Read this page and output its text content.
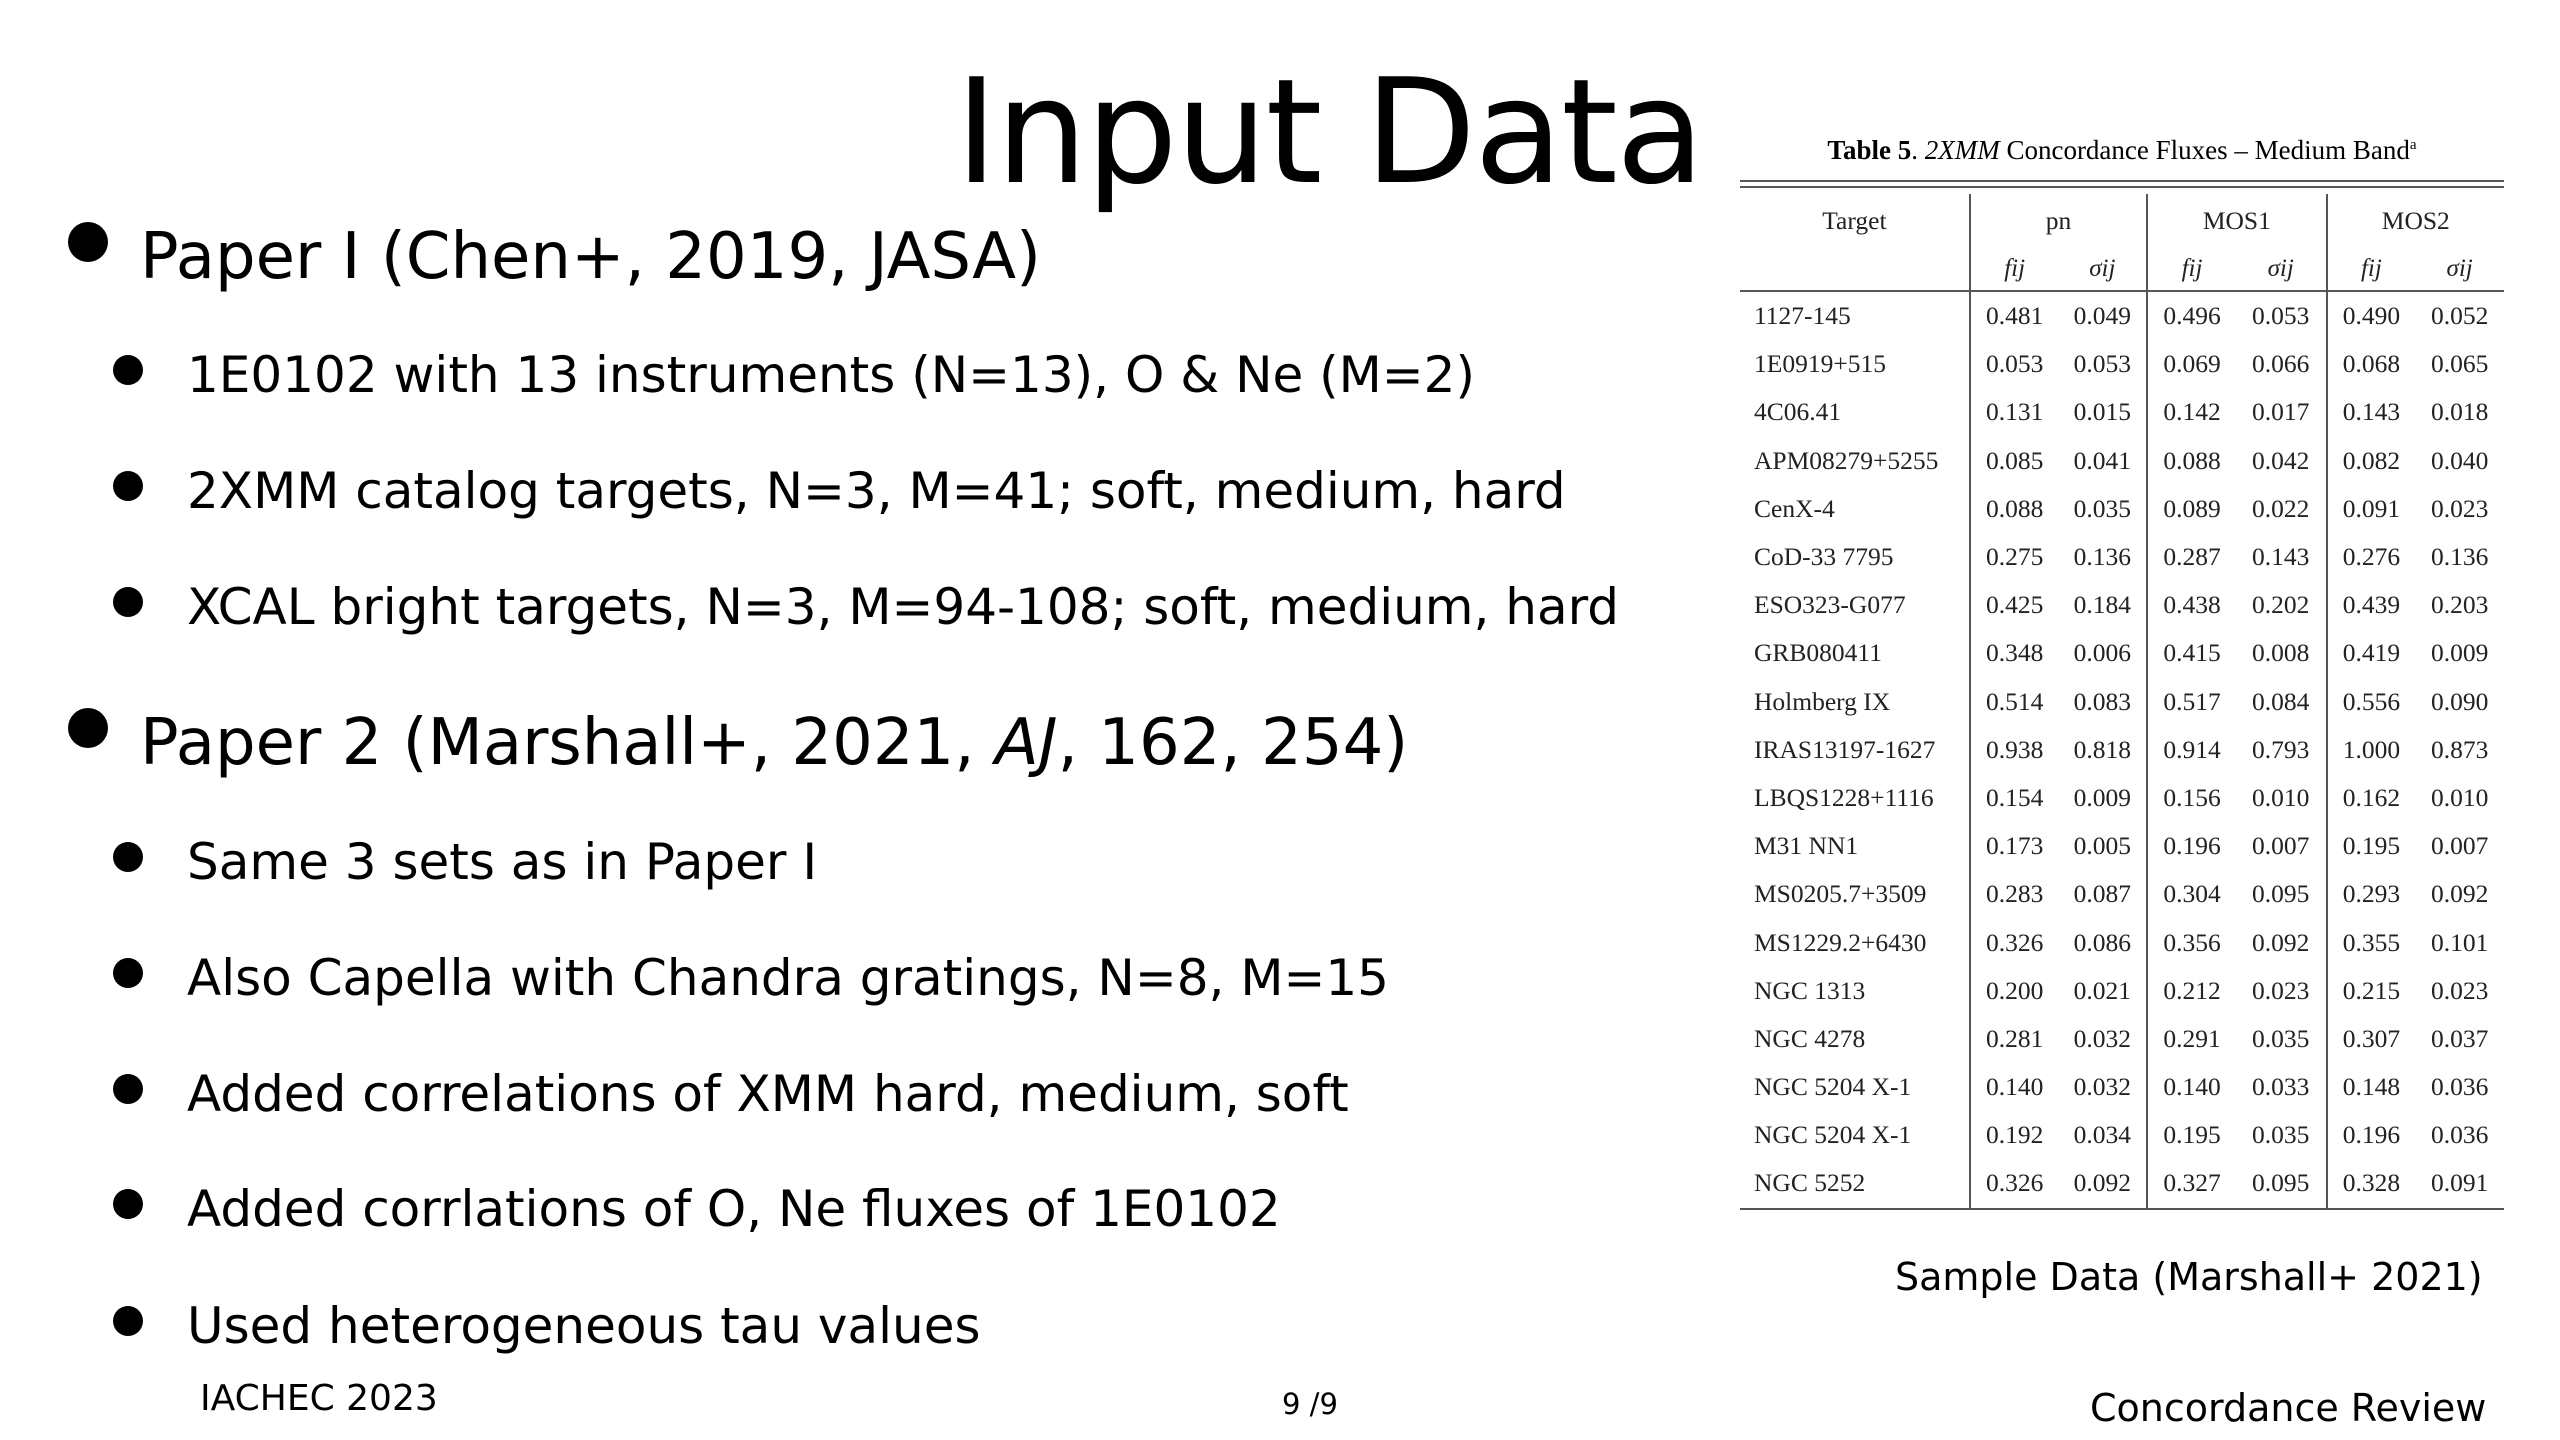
Input Data
Paper I (Chen+, 2019, JASA)
1E0102 with 13 instruments (N=13), O & Ne (M=2)
2XMM catalog targets, N=3, M=41; soft, medium, hard
XCAL bright targets, N=3, M=94-108; soft, medium, hard
Paper 2 (Marshall+, 2021, AJ, 162, 254)
Same 3 sets as in Paper I
Also Capella with Chandra gratings, N=8, M=15
Added correlations of XMM hard, medium, soft
Added corrlations of O, Ne fluxes of 1E0102
Used heterogeneous tau values
Table 5. 2XMM Concordance Fluxes – Medium Band$^a$
Target	pn		MOS1		MOS2	
	fij	σij	fij	σij	fij	σij
1127-145	0.481	0.049	0.496	0.053	0.490	0.052
1E0919+515	0.053	0.053	0.069	0.066	0.068	0.065
4C06.41	0.131	0.015	0.142	0.017	0.143	0.018
APM08279+5255	0.085	0.041	0.088	0.042	0.082	0.040
CenX-4	0.088	0.035	0.089	0.022	0.091	0.023
CoD-33 7795	0.275	0.136	0.287	0.143	0.276	0.136
ESO323-G077	0.425	0.184	0.438	0.202	0.439	0.203
GRB080411	0.348	0.006	0.415	0.008	0.419	0.009
Holmberg IX	0.514	0.083	0.517	0.084	0.556	0.090
IRAS13197-1627	0.938	0.818	0.914	0.793	1.000	0.873
LBQS1228+1116	0.154	0.009	0.156	0.010	0.162	0.010
M31 NN1	0.173	0.005	0.196	0.007	0.195	0.007
MS0205.7+3509	0.283	0.087	0.304	0.095	0.293	0.092
MS1229.2+6430	0.326	0.086	0.356	0.092	0.355	0.101
NGC 1313	0.200	0.021	0.212	0.023	0.215	0.023
NGC 4278	0.281	0.032	0.291	0.035	0.307	0.037
NGC 5204 X-1	0.140	0.032	0.140	0.033	0.148	0.036
NGC 5204 X-1	0.192	0.034	0.195	0.035	0.196	0.036
NGC 5252	0.326	0.092	0.327	0.095	0.328	0.091
Sample Data (Marshall+ 2021)
IACHEC 2023	9 /9	Concordance Review
